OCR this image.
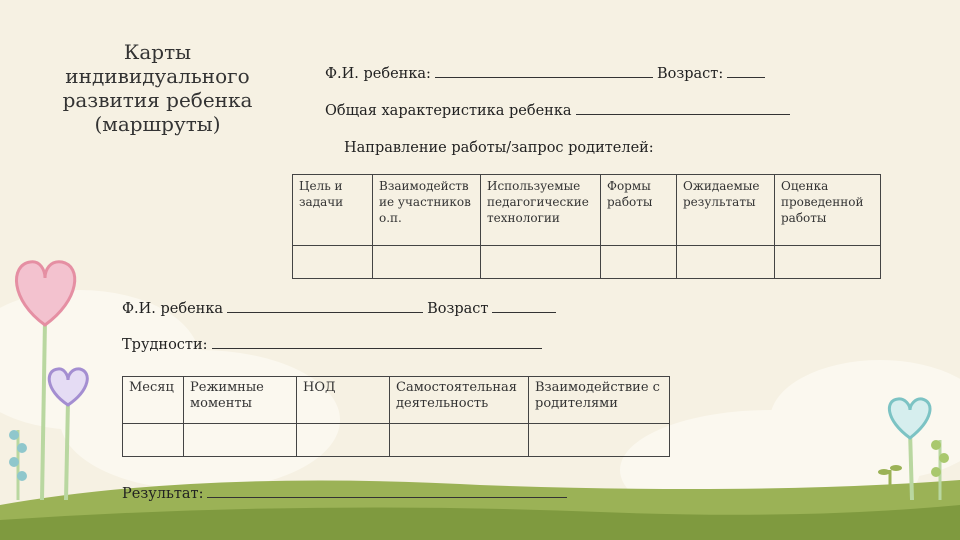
Карты
индивидуального
развития ребенка
(маршруты)
Ф.И. ребенка:	Возраст:
Общая характеристика ребенка
Направление работы/запрос родителей:
Цель и задачи	Взаимодейств ие участников о.п.	Используемые педагогические технологии	Формы работы	Ожидаемые результаты	Оценка проведенной работы

Ф.И. ребенка	Возраст
Трудности:
Месяц	Режимные моменты	НОД	Самостоятельная деятельность	Взаимодействие с родителями

Результат:
